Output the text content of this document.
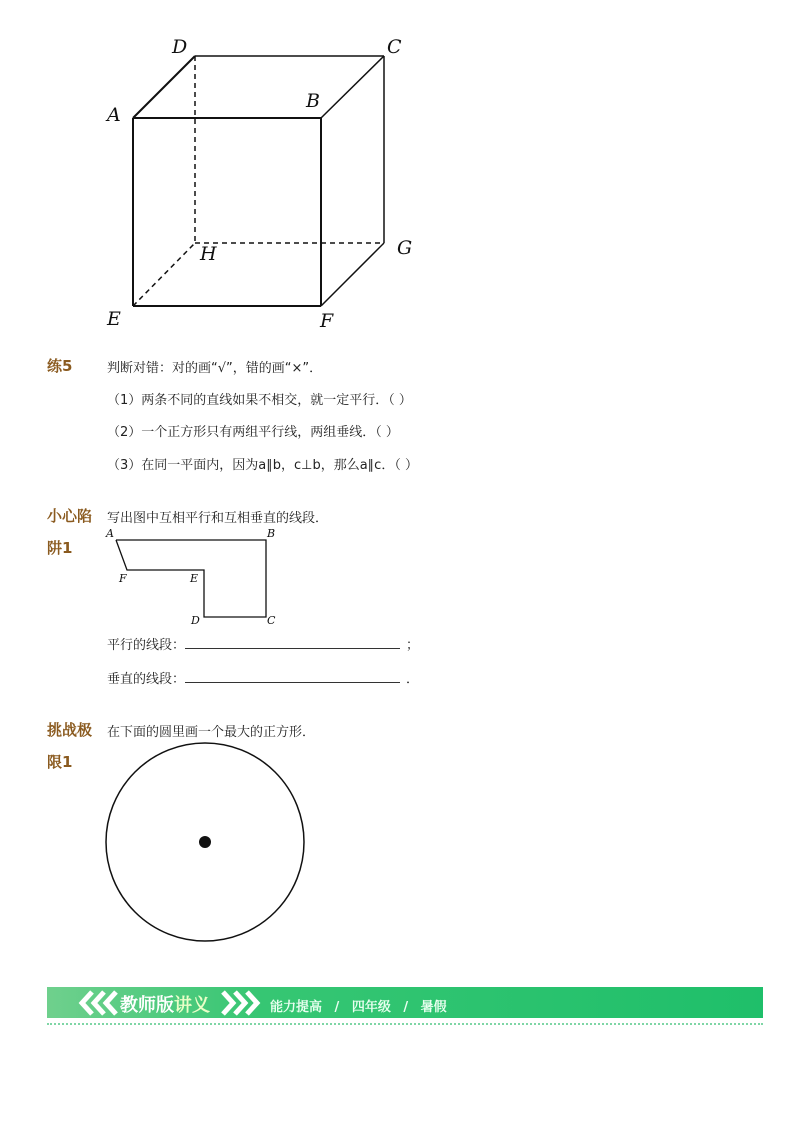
D	C
A
B
G
H
E	F
练5	判断对错：对的画“√”，错的画“×”．
（1）两条不同的直线如果不相交，就一定平行．（ ）
（2）一个正方形只有两组平行线，两组垂线．（ ）
（3）在同一平面内，因为a∥b，c⊥b，那么a∥c．（ ）
小心陷
阱1
写出图中互相平行和互相垂直的线段．
A	B
F	E
D	C
平行的线段：	；
垂直的线段：	．
挑战极
限1
在下面的圆里画一个最大的正方形．
教师版讲义	能力提高 / 四年级 / 暑假
